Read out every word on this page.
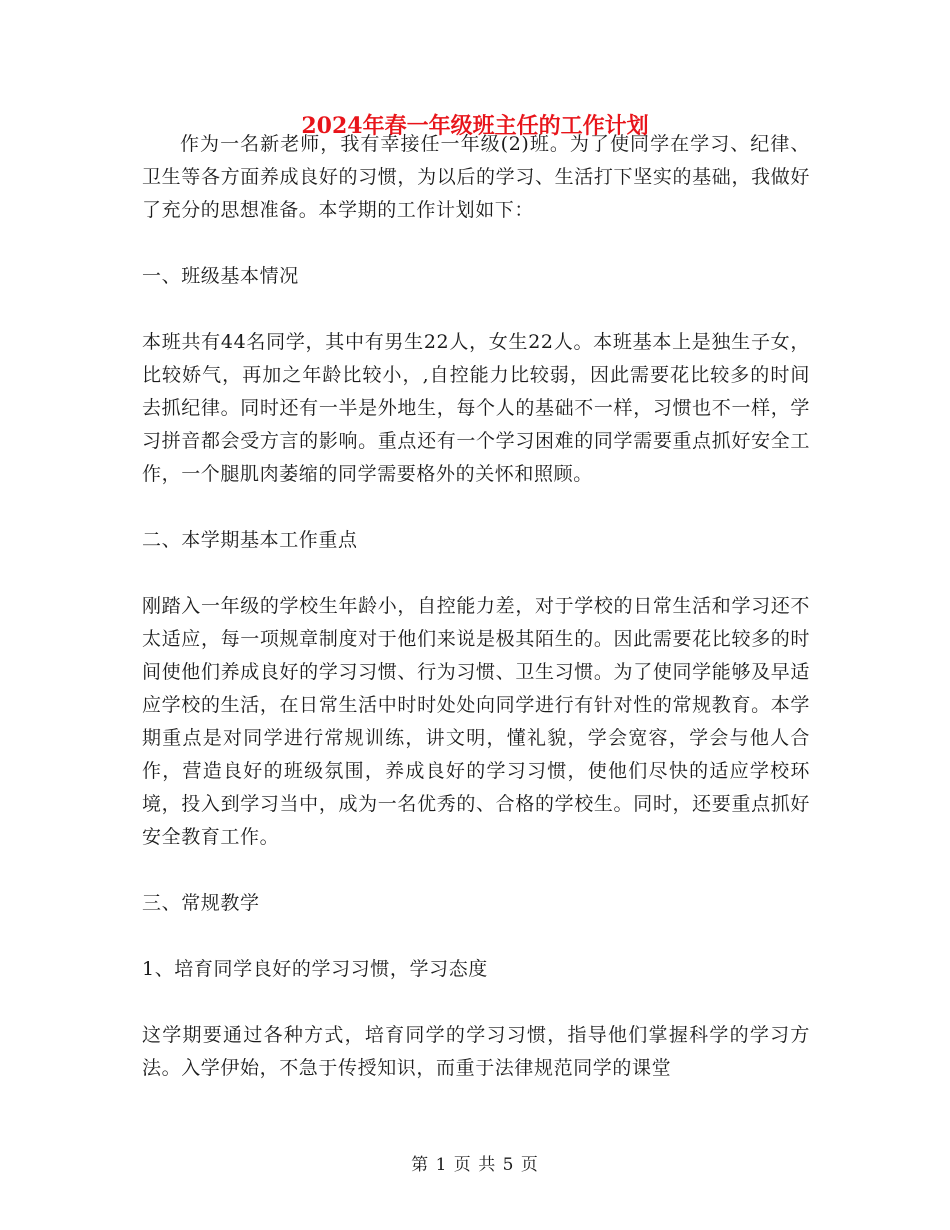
2024年春一年级班主任的工作计划

作为一名新老师，我有幸接任一年级(2)班。为了使同学在学习、纪律、卫生等各方面养成良好的习惯，为以后的学习、生活打下坚实的基础，我做好了充分的思想准备。本学期的工作计划如下：

一、班级基本情况

本班共有44名同学，其中有男生22人，女生22人。本班基本上是独生子女，比较娇气，再加之年龄比较小，,自控能力比较弱，因此需要花比较多的时间去抓纪律。同时还有一半是外地生，每个人的基础不一样，习惯也不一样，学习拼音都会受方言的影响。重点还有一个学习困难的同学需要重点抓好安全工作，一个腿肌肉萎缩的同学需要格外的关怀和照顾。

二、本学期基本工作重点

刚踏入一年级的学校生年龄小，自控能力差，对于学校的日常生活和学习还不太适应，每一项规章制度对于他们来说是极其陌生的。因此需要花比较多的时间使他们养成良好的学习习惯、行为习惯、卫生习惯。为了使同学能够及早适应学校的生活，在日常生活中时时处处向同学进行有针对性的常规教育。本学期重点是对同学进行常规训练，讲文明，懂礼貌，学会宽容，学会与他人合作，营造良好的班级氛围，养成良好的学习习惯，使他们尽快的适应学校环境，投入到学习当中，成为一名优秀的、合格的学校生。同时，还要重点抓好安全教育工作。

三、常规教学

1、培育同学良好的学习习惯，学习态度

这学期要通过各种方式，培育同学的学习习惯，指导他们掌握科学的学习方法。入学伊始，不急于传授知识，而重于法律规范同学的课堂

第 1 页 共 5 页
